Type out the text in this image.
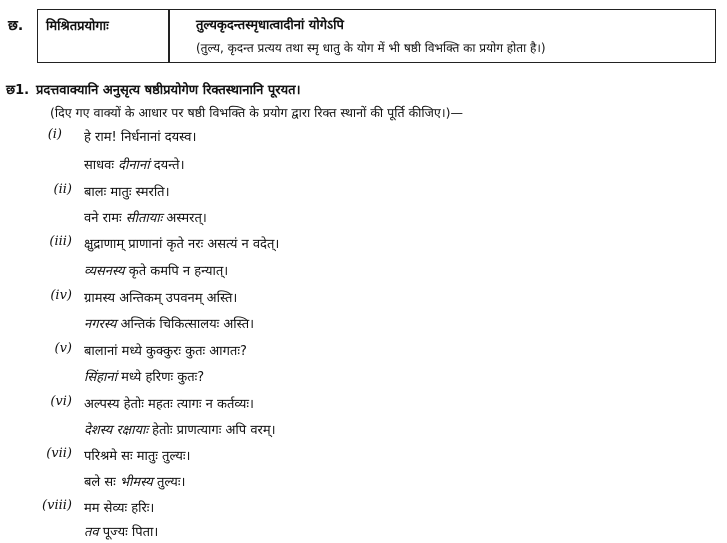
छ. मिश्रितप्रयोगाः	तुल्यकृदन्तस्मृधात्वादीनां योगेऽपि
(तुल्य, कृदन्त प्रत्यय तथा स्मृ धातु के योग में भी षष्ठी विभक्ति का प्रयोग होता है।)
छ1. प्रदत्तवाक्यानि अनुसृत्य षष्ठीप्रयोगेण रिक्तस्थानानि पूरयत।
(दिए गए वाक्यों के आधार पर षष्ठी विभक्ति के प्रयोग द्वारा रिक्त स्थानों की पूर्ति कीजिए।)—
(i) हे राम! निर्धनानां दयस्व।
साधवः दीनानां दयन्ते।
(ii) बालः मातुः स्मरति।
वने रामः सीतायाः अस्मरत्।
(iii) क्षुद्राणाम् प्राणानां कृते नरः असत्यं न वदेत्।
व्यसनस्य कृते कमपि न हन्यात्।
(iv) ग्रामस्य अन्तिकम् उपवनम् अस्ति।
नगरस्य अन्तिकं चिकित्सालयः अस्ति।
(v) बालानां मध्ये कुक्कुरः कुतः आगतः?
सिंहानां मध्ये हरिणः कुतः?
(vi) अल्पस्य हेतोः महतः त्यागः न कर्तव्यः।
देशस्य रक्षायाः हेतोः प्राणत्यागः अपि वरम्।
(vii) परिश्रमे सः मातुः तुल्यः।
बले सः भीमस्य तुल्यः।
(viii) मम सेव्यः हरिः।
तव पूज्यः पिता।
